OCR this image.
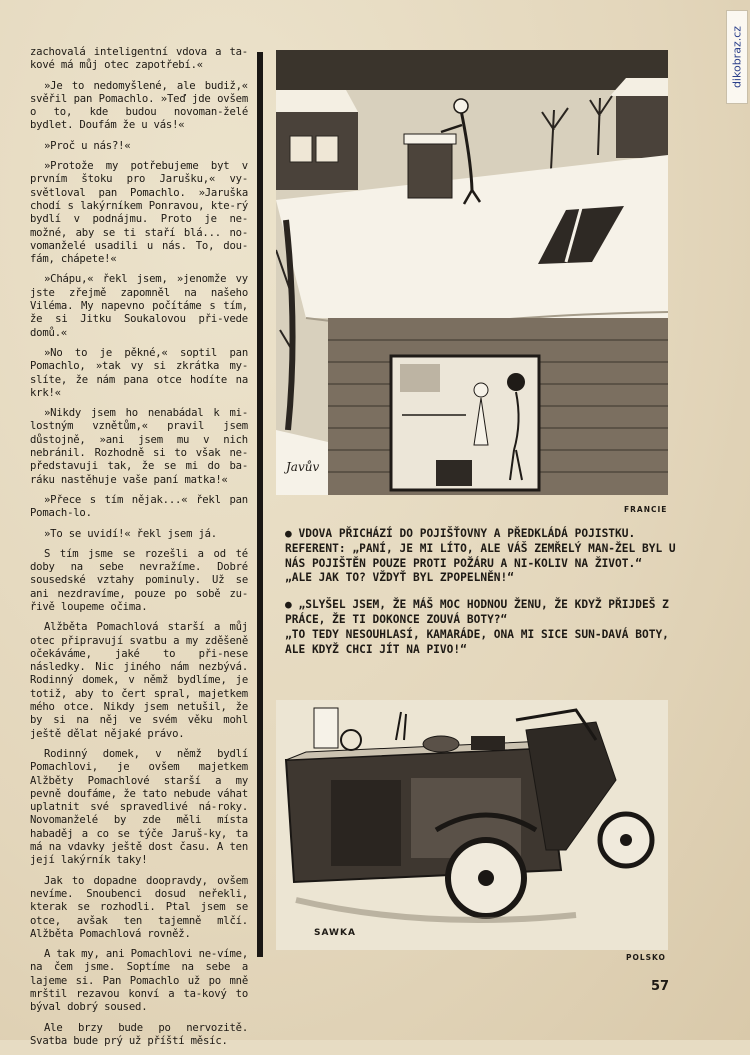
dikobraz.cz

zachovalá inteligentní vdova a ta-kové má můj otec zapotřebí.«

»Je to nedomyšlené, ale budiž,« svěřil pan Pomachlo. »Teď jde ovšem o to, kde budou novoman-želé bydlet. Doufám že u vás!«

»Proč u nás?!«

»Protože my potřebujeme byt v prvním štoku pro Jarušku,« vy-světloval pan Pomachlo. »Jaruška chodí s lakýrníkem Ponravou, kte-rý bydlí v podnájmu. Proto je ne-možné, aby se ti staří blá... no-vomanželé usadili u nás. To, dou-fám, chápete!«

»Chápu,« řekl jsem, »jenomže vy jste zřejmě zapomněl na našeho Viléma. My napevno počítáme s tím, že si Jitku Soukalovou při-vede domů.«

»No to je pěkné,« soptil pan Pomachlo, »tak vy si zkrátka my-slíte, že nám pana otce hodíte na krk!«

»Nikdy jsem ho nenabádal k mi-lostným vznětům,« pravil jsem důstojně, »ani jsem mu v nich nebránil. Rozhodně si to však ne-představuji tak, že se mi do ba-ráku nastěhuje vaše paní matka!«

»Přece s tím nějak...« řekl pan Pomach-lo.

»To se uvidí!« řekl jsem já.

S tím jsme se rozešli a od té doby na sebe nevražíme. Dobré sousedské vztahy pominuly. Už se ani nezdravíme, pouze po sobě zu-řivě loupeme očima.

Alžběta Pomachlová starší a můj otec připravují svatbu a my zděšeně očekáváme, jaké to při-nese následky. Nic jiného nám nezbývá. Rodinný domek, v němž bydlíme, je totiž, aby to čert spral, majetkem mého otce. Nikdy jsem netušil, že by si na něj ve svém věku mohl ještě dělat nějaké právo.

Rodinný domek, v němž bydlí Pomachlovi, je ovšem majetkem Alžběty Pomachlové starší a my pevně doufáme, že tato nebude váhat uplatnit své spravedlivé ná-roky. Novomanželé by zde měli místa habaděj a co se týče Jaruš-ky, ta má na vdavky ještě dost času. A ten její lakýrník taky!

Jak to dopadne doopravdy, ovšem nevíme. Snoubenci dosud neřekli, kterak se rozhodli. Ptal jsem se otce, avšak ten tajemně mlčí. Alžběta Pomachlová rovněž.

A tak my, ani Pomachlovi ne-víme, na čem jsme. Soptíme na sebe a lajeme si. Pan Pomachlo už po mně mrštil rezavou konví a ta-kový to býval dobrý soused.

Ale brzy bude po nervozitě. Svatba bude prý už příští měsíc.

Javův
FRANCIE

● VDOVA PŘICHÁZÍ DO POJIŠŤOVNY A PŘEDKLÁDÁ POJISTKU.

REFERENT: „PANÍ, JE MI LÍTO, ALE VÁŠ ZEMŘELÝ MAN-ŽEL BYL U NÁS POJIŠTĚN POUZE PROTI POŽÁRU A NI-KOLIV NA ŽIVOT.“

„ALE JAK TO? VŽDYŤ BYL ZPOPELNĚN!“

● „SLYŠEL JSEM, ŽE MÁŠ MOC HODNOU ŽENU, ŽE KDYŽ PŘIJDEŠ Z PRÁCE, ŽE TI DOKONCE ZOUVÁ BOTY?“

„TO TEDY NESOUHLASÍ, KAMARÁDE, ONA MI SICE SUN-DAVÁ BOTY, ALE KDYŽ CHCI JÍT NA PIVO!“

SAWKA
POLSKO
57
